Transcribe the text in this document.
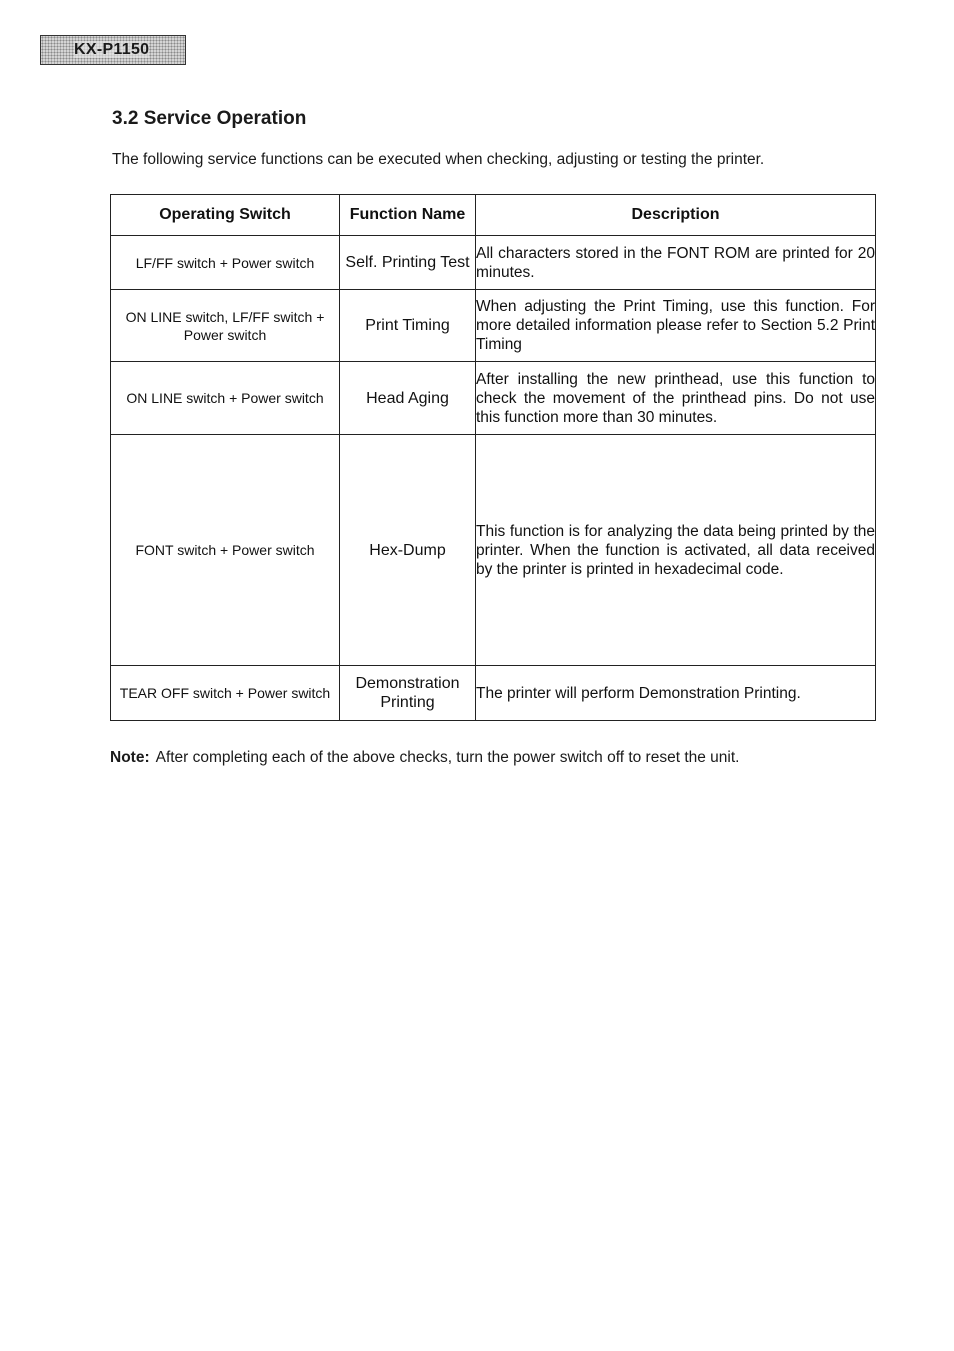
KX-P1150
3.2 Service Operation
The following service functions can be executed when checking, adjusting or testing the printer.
Operating Switch	Function Name	Description
LF/FF switch + Power switch	Self. Printing Test	All characters stored in the FONT ROM are printed for 20 minutes.
ON LINE switch, LF/FF switch + Power switch	Print Timing	When adjusting the Print Timing, use this function. For more detailed information please refer to Section 5.2 Print Timing
ON LINE switch + Power switch	Head Aging	After installing the new printhead, use this function to check the movement of the printhead pins. Do not use this function more than 30 minutes.
FONT switch + Power switch	Hex-Dump	This function is for analyzing the data being printed by the printer. When the function is activated, all data received by the printer is printed in hexadecimal code.
TEAR OFF switch + Power switch	Demonstration Printing	The printer will perform Demonstration Printing.
Note: After completing each of the above checks, turn the power switch off to reset the unit.
